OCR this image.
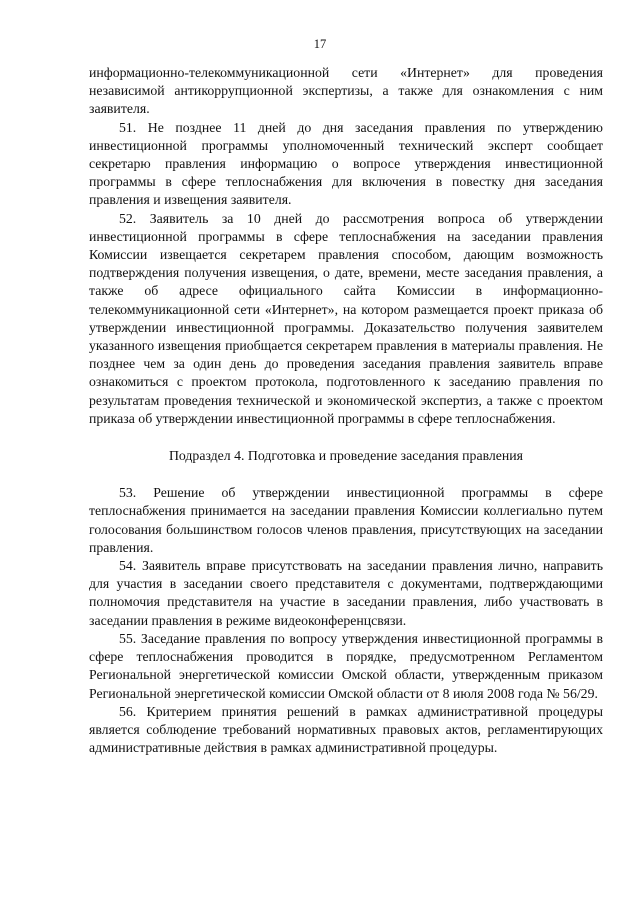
17

информационно-телекоммуникационной сети «Интернет» для проведения независимой антикоррупционной экспертизы, а также для ознакомления с ним заявителя.

51. Не позднее 11 дней до дня заседания правления по утверждению инвестиционной программы уполномоченный технический эксперт сообщает секретарю правления информацию о вопросе утверждения инвестиционной программы в сфере теплоснабжения для включения в повестку дня заседания правления и извещения заявителя.

52. Заявитель за 10 дней до рассмотрения вопроса об утверждении инвестиционной программы в сфере теплоснабжения на заседании правления Комиссии извещается секретарем правления способом, дающим возможность подтверждения получения извещения, о дате, времени, месте заседания правления, а также об адресе официального сайта Комиссии в информационно-телекоммуникационной сети «Интернет», на котором размещается проект приказа об утверждении инвестиционной программы. Доказательство получения заявителем указанного извещения приобщается секретарем правления в материалы правления. Не позднее чем за один день до проведения заседания правления заявитель вправе ознакомиться с проектом протокола, подготовленного к заседанию правления по результатам проведения технической и экономической экспертиз, а также с проектом приказа об утверждении инвестиционной программы в сфере теплоснабжения.

Подраздел 4. Подготовка и проведение заседания правления

53. Решение об утверждении инвестиционной программы в сфере теплоснабжения принимается на заседании правления Комиссии коллегиально путем голосования большинством голосов членов правления, присутствующих на заседании правления.

54. Заявитель вправе присутствовать на заседании правления лично, направить для участия в заседании своего представителя с документами, подтверждающими полномочия представителя на участие в заседании правления, либо участвовать в заседании правления в режиме видеоконференцсвязи.

55. Заседание правления по вопросу утверждения инвестиционной программы в сфере теплоснабжения проводится в порядке, предусмотренном Регламентом Региональной энергетической комиссии Омской области, утвержденным приказом Региональной энергетической комиссии Омской области от 8 июля 2008 года № 56/29.

56. Критерием принятия решений в рамках административной процедуры является соблюдение требований нормативных правовых актов, регламентирующих административные действия в рамках административной процедуры.
